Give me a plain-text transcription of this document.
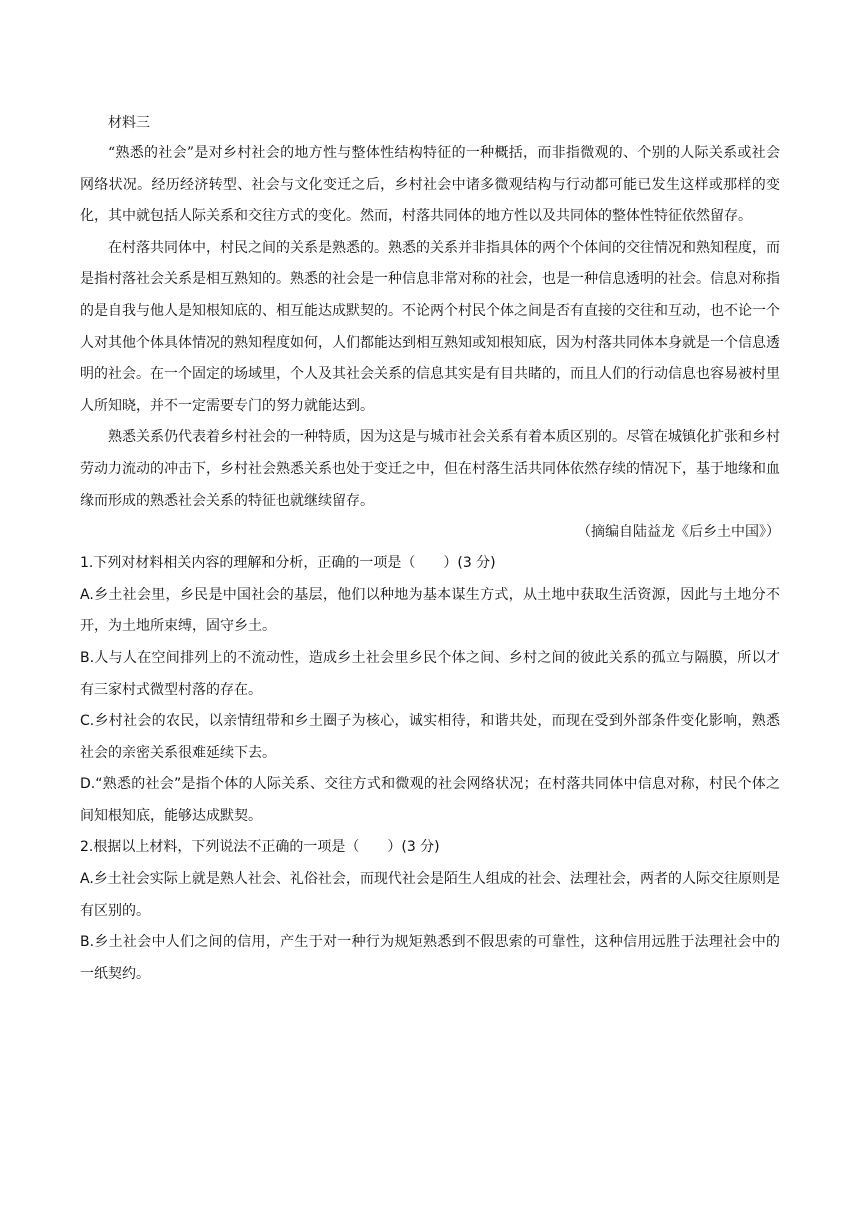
材料三

“熟悉的社会”是对乡村社会的地方性与整体性结构特征的一种概括，而非指微观的、个别的人际关系或社会网络状况。经历经济转型、社会与文化变迁之后，乡村社会中诸多微观结构与行动都可能已发生这样或那样的变化，其中就包括人际关系和交往方式的变化。然而，村落共同体的地方性以及共同体的整体性特征依然留存。

在村落共同体中，村民之间的关系是熟悉的。熟悉的关系并非指具体的两个个体间的交往情况和熟知程度，而是指村落社会关系是相互熟知的。熟悉的社会是一种信息非常对称的社会，也是一种信息透明的社会。信息对称指的是自我与他人是知根知底的、相互能达成默契的。不论两个村民个体之间是否有直接的交往和互动，也不论一个人对其他个体具体情况的熟知程度如何，人们都能达到相互熟知或知根知底，因为村落共同体本身就是一个信息透明的社会。在一个固定的场域里，个人及其社会关系的信息其实是有目共睹的，而且人们的行动信息也容易被村里人所知晓，并不一定需要专门的努力就能达到。

熟悉关系仍代表着乡村社会的一种特质，因为这是与城市社会关系有着本质区别的。尽管在城镇化扩张和乡村劳动力流动的冲击下，乡村社会熟悉关系也处于变迁之中，但在村落生活共同体依然存续的情况下，基于地缘和血缘而形成的熟悉社会关系的特征也就继续留存。

（摘编自陆益龙《后乡土中国》）

1.下列对材料相关内容的理解和分析，正确的一项是（　　）(3 分)

A.乡土社会里，乡民是中国社会的基层，他们以种地为基本谋生方式，从土地中获取生活资源，因此与土地分不开，为土地所束缚，固守乡土。

B.人与人在空间排列上的不流动性，造成乡土社会里乡民个体之间、乡村之间的彼此关系的孤立与隔膜，所以才有三家村式微型村落的存在。

C.乡村社会的农民，以亲情纽带和乡土圈子为核心，诚实相待，和谐共处，而现在受到外部条件变化影响，熟悉社会的亲密关系很难延续下去。

D.“熟悉的社会”是指个体的人际关系、交往方式和微观的社会网络状况；在村落共同体中信息对称，村民个体之间知根知底，能够达成默契。

2.根据以上材料，下列说法不正确的一项是（　　）(3 分)

A.乡土社会实际上就是熟人社会、礼俗社会，而现代社会是陌生人组成的社会、法理社会，两者的人际交往原则是有区别的。

B.乡土社会中人们之间的信用，产生于对一种行为规矩熟悉到不假思索的可靠性，这种信用远胜于法理社会中的一纸契约。
